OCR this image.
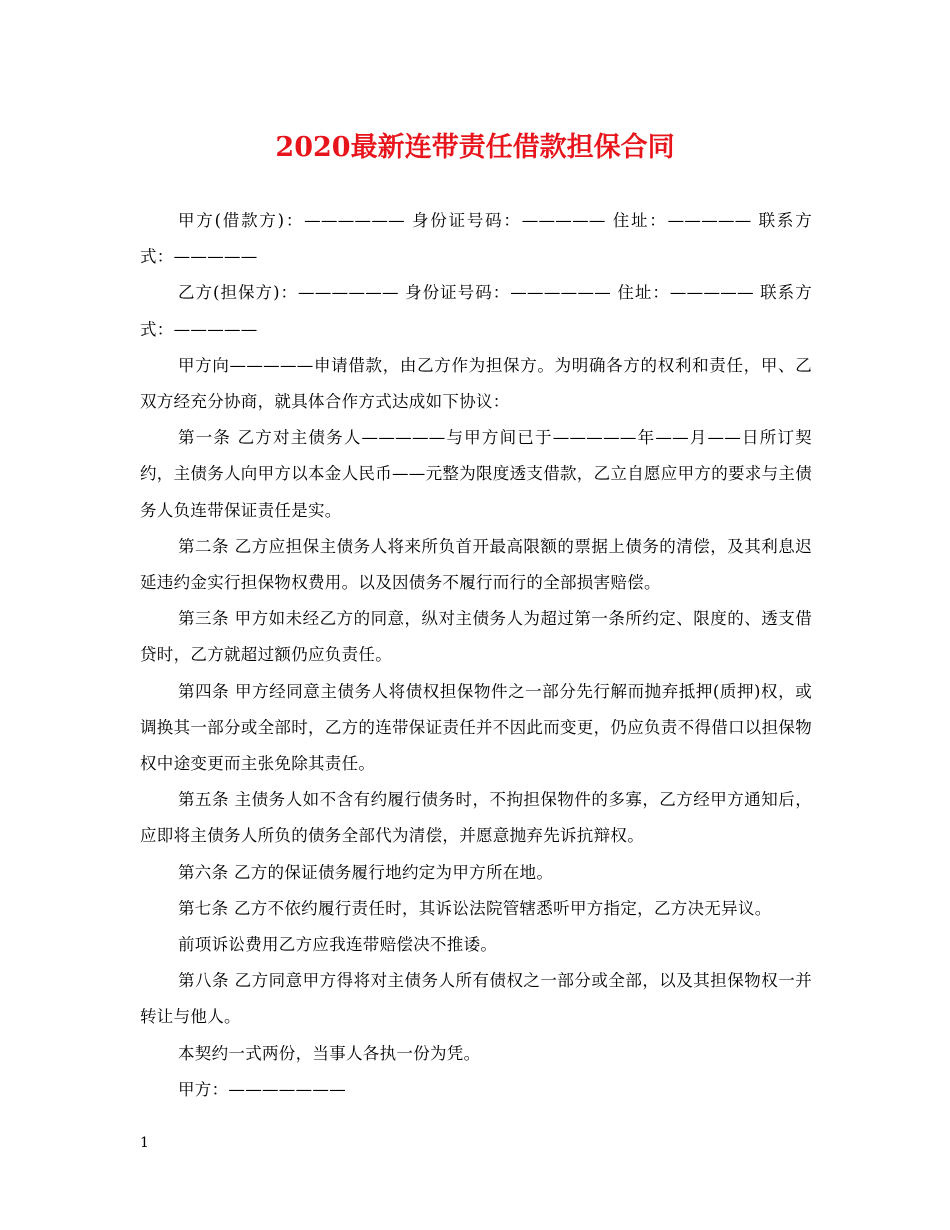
2020最新连带责任借款担保合同

甲方(借款方)：—————— 身份证号码：————— 住址：————— 联系方式：—————

乙方(担保方)：—————— 身份证号码：—————— 住址：————— 联系方式：—————

甲方向—————申请借款，由乙方作为担保方。为明确各方的权利和责任，甲、乙双方经充分协商，就具体合作方式达成如下协议：

第一条 乙方对主债务人—————与甲方间已于—————年——月——日所订契约，主债务人向甲方以本金人民币——元整为限度透支借款，乙立自愿应甲方的要求与主债务人负连带保证责任是实。

第二条 乙方应担保主债务人将来所负首开最高限额的票据上债务的清偿，及其利息迟延违约金实行担保物权费用。以及因债务不履行而行的全部损害赔偿。

第三条 甲方如未经乙方的同意，纵对主债务人为超过第一条所约定、限度的、透支借贷时，乙方就超过额仍应负责任。

第四条 甲方经同意主债务人将债权担保物件之一部分先行解而抛弃抵押(质押)权，或调换其一部分或全部时，乙方的连带保证责任并不因此而变更，仍应负责不得借口以担保物权中途变更而主张免除其责任。

第五条 主债务人如不含有约履行债务时，不拘担保物件的多寡，乙方经甲方通知后，应即将主债务人所负的债务全部代为清偿，并愿意抛弃先诉抗辩权。

第六条 乙方的保证债务履行地约定为甲方所在地。

第七条 乙方不依约履行责任时，其诉讼法院管辖悉听甲方指定，乙方决无异议。

前项诉讼费用乙方应我连带赔偿决不推诿。

第八条 乙方同意甲方得将对主债务人所有债权之一部分或全部，以及其担保物权一并转让与他人。

本契约一式两份，当事人各执一份为凭。

甲方：———————

1
